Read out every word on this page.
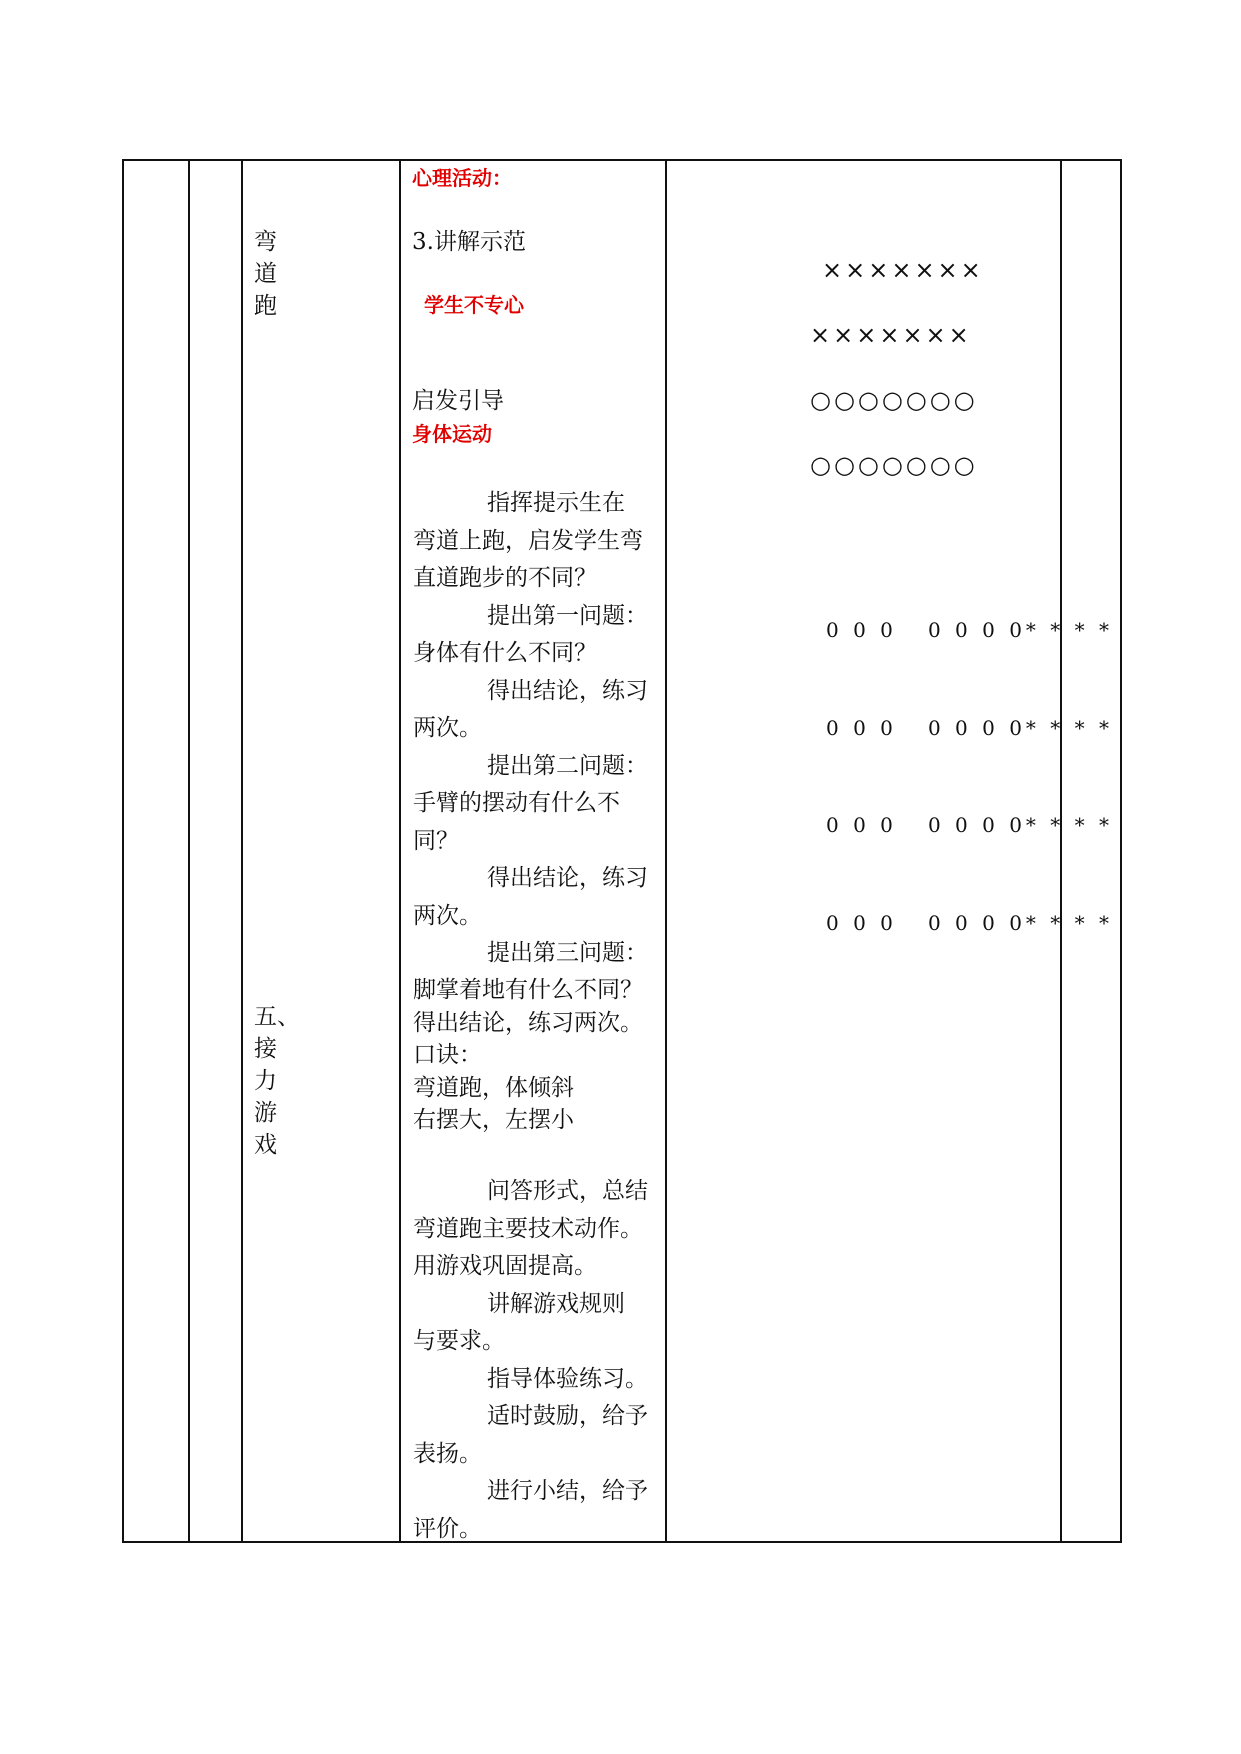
弯
道
跑
五、
接
力
游
戏
心理活动：
3.讲解示范
学生不专心
启发引导
身体运动
指挥提示生在
弯道上跑，启发学生弯
直道跑步的不同？
提出第一问题：
身体有什么不同？
得出结论，练习
两次。
提出第二问题：
手臂的摆动有什么不
同？
得出结论，练习
两次。
提出第三问题：
脚掌着地有什么不同？
得出结论，练习两次。
口诀：
弯道跑，体倾斜
右摆大，左摆小
问答形式，总结
弯道跑主要技术动作。
用游戏巩固提高。
讲解游戏规则
与要求。
指导体验练习。
适时鼓励，给予
表扬。
进行小结，给予
评价。
×××××××
×××××××
○○○○○○○
○○○○○○○

0 0 0   0 0 0 0* * * *

0 0 0   0 0 0 0* * * *

0 0 0   0 0 0 0* * * *

0 0 0   0 0 0 0* * * *
